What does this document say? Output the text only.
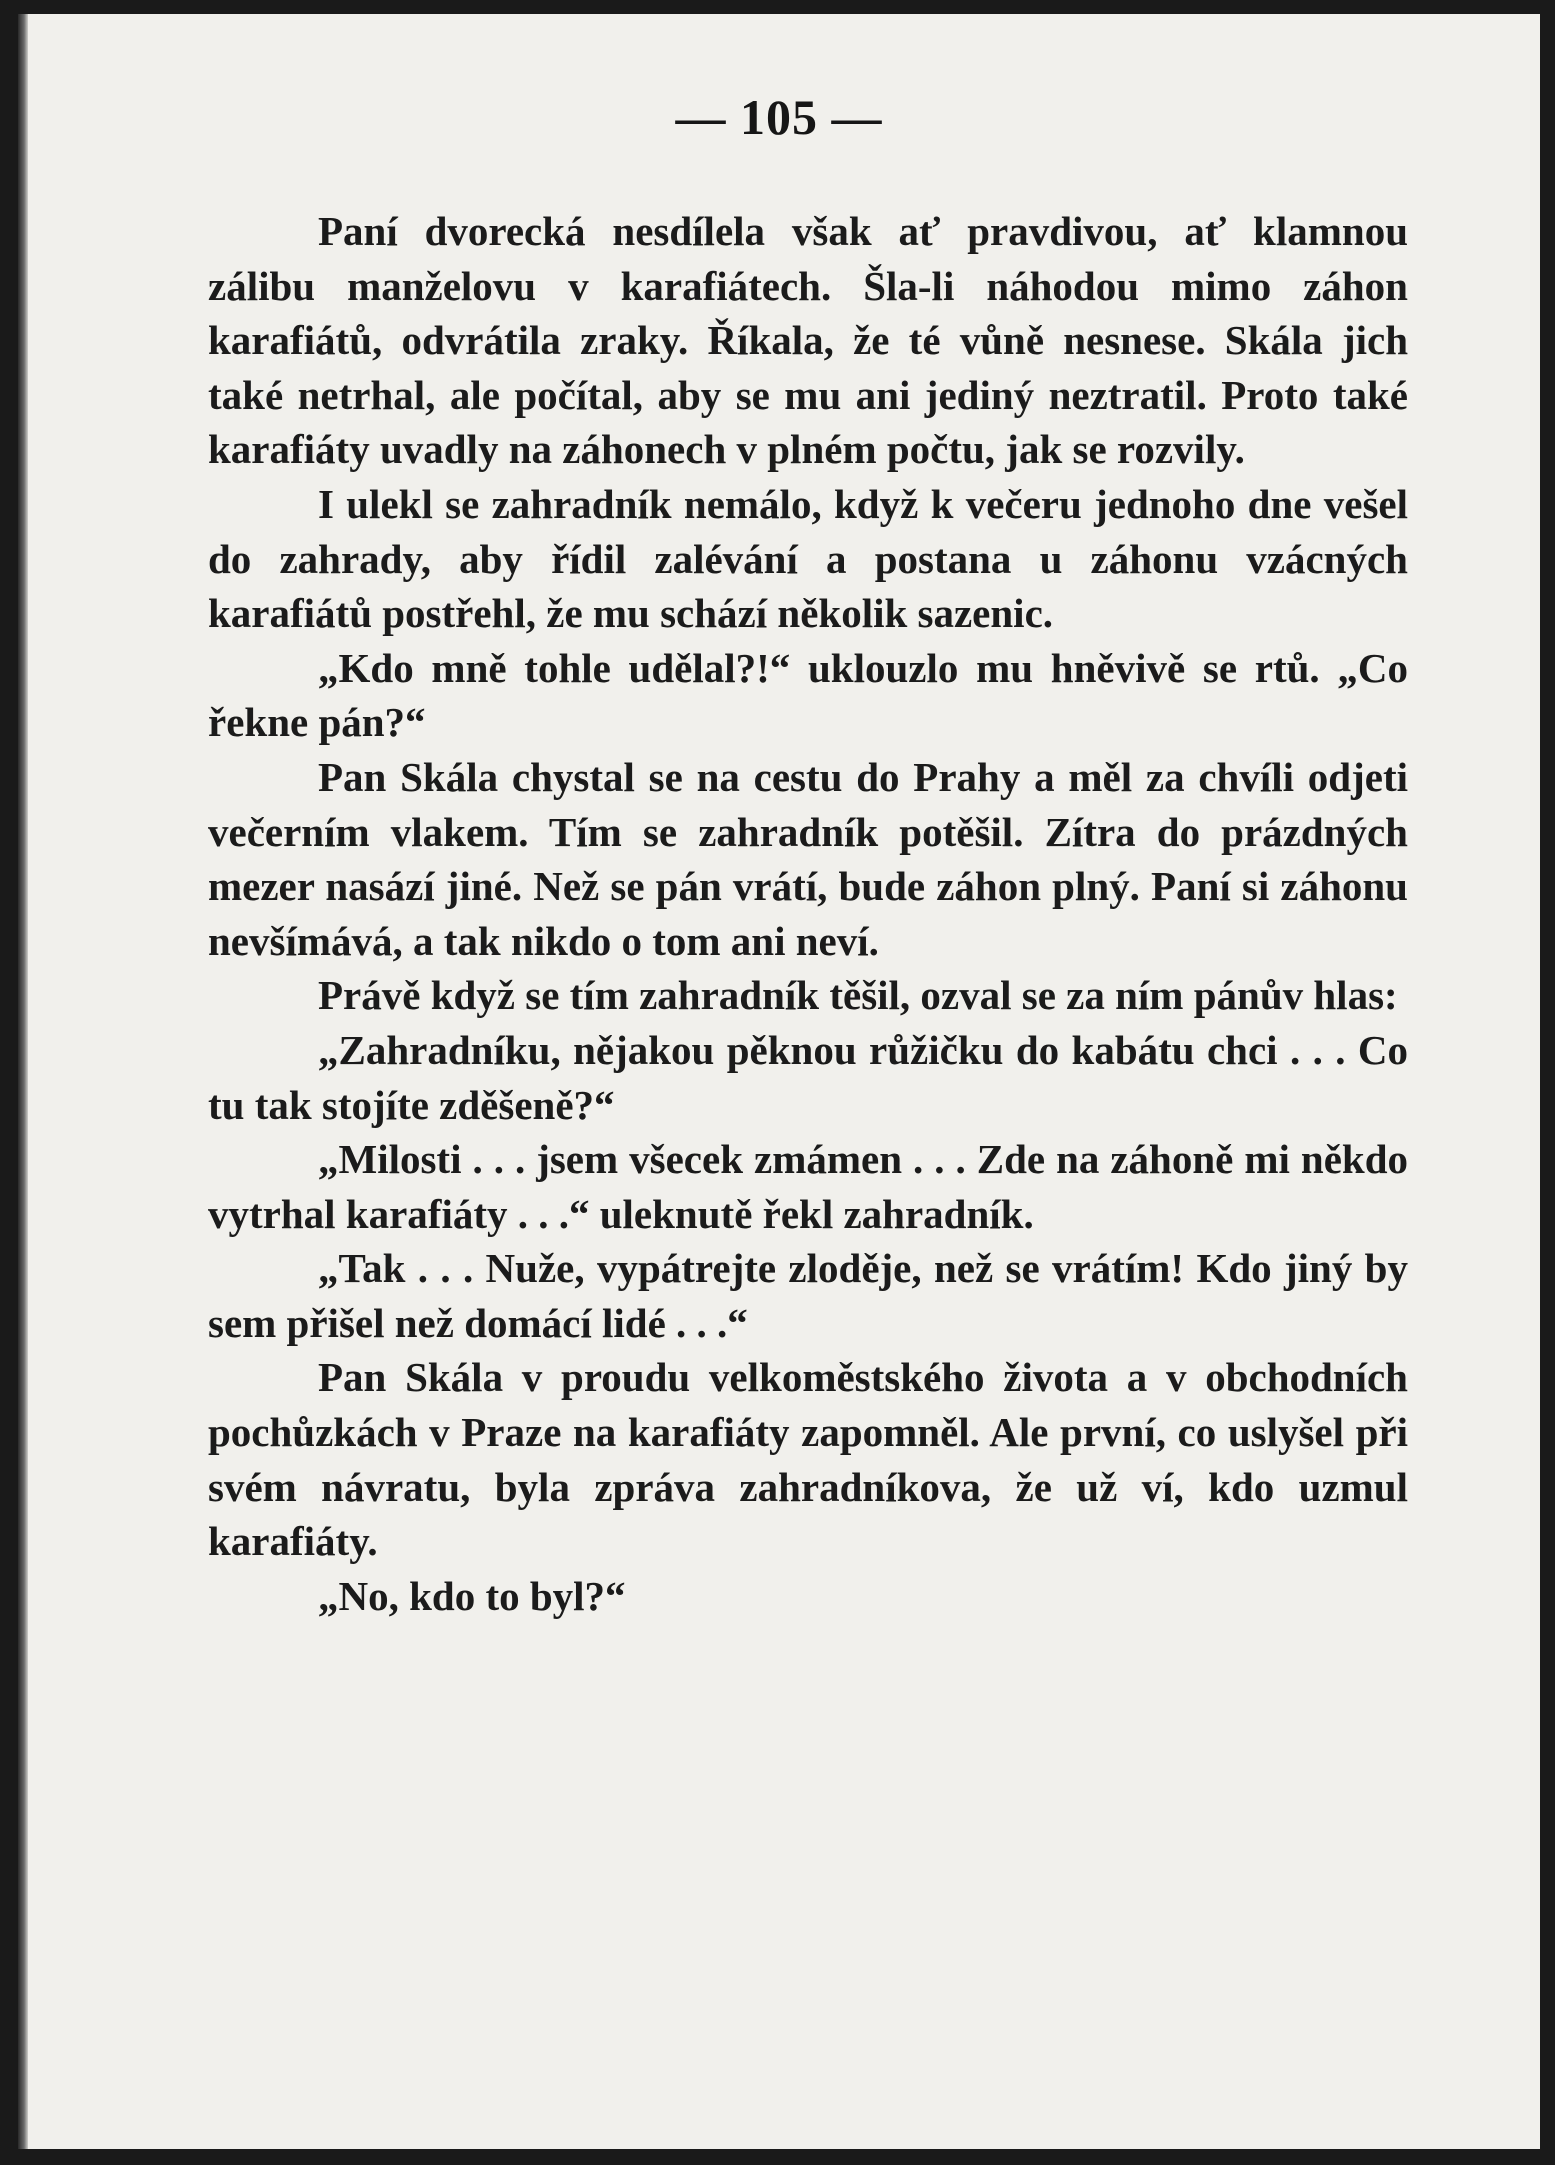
— 105 —

Paní dvorecká nesdílela však ať pravdivou, ať klamnou zálibu manželovu v karafiátech. Šla-li náhodou mimo záhon karafiátů, odvrátila zraky. Říkala, že té vůně nesnese. Skála jich také netrhal, ale počítal, aby se mu ani jediný neztratil. Proto také karafiáty uvadly na záhonech v plném počtu, jak se rozvily.

I ulekl se zahradník nemálo, když k večeru jednoho dne vešel do zahrady, aby řídil zalévání a postana u záhonu vzácných karafiátů postřehl, že mu schází několik sazenic.

„Kdo mně tohle udělal?!“ uklouzlo mu hněvivě se rtů. „Co řekne pán?“

Pan Skála chystal se na cestu do Prahy a měl za chvíli odjeti večerním vlakem. Tím se zahradník potěšil. Zítra do prázdných mezer nasází jiné. Než se pán vrátí, bude záhon plný. Paní si záhonu nevšímává, a tak nikdo o tom ani neví.

Právě když se tím zahradník těšil, ozval se za ním pánův hlas:

„Zahradníku, nějakou pěknou růžičku do kabátu chci . . . Co tu tak stojíte zděšeně?“

„Milosti . . . jsem všecek zmámen . . . Zde na záhoně mi někdo vytrhal karafiáty . . .“ uleknutě řekl zahradník.

„Tak . . . Nuže, vypátrejte zloděje, než se vrátím! Kdo jiný by sem přišel než domácí lidé . . .“

Pan Skála v proudu velkoměstského života a v obchodních pochůzkách v Praze na karafiáty zapomněl. Ale první, co uslyšel při svém návratu, byla zpráva zahradníkova, že už ví, kdo uzmul karafiáty.

„No, kdo to byl?“
